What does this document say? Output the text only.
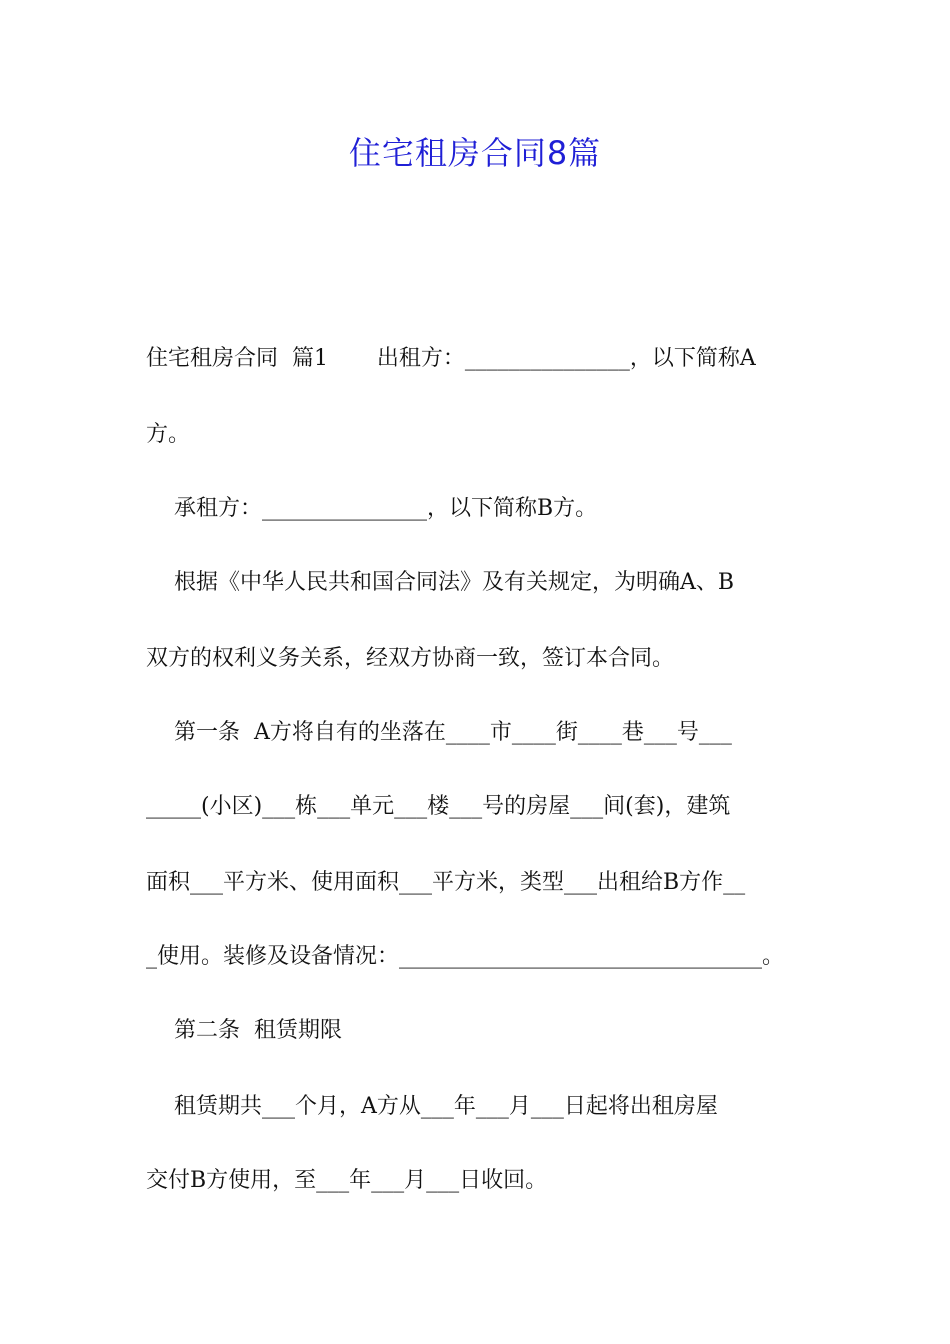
住宅租房合同8篇
住宅租房合同  篇1       出租方：_______________，以下简称A
方。
承租方：_______________，以下简称B方。
根据《中华人民共和国合同法》及有关规定，为明确A、B
双方的权利义务关系，经双方协商一致，签订本合同。
第一条  A方将自有的坐落在____市____街____巷___号___
_____(小区)___栋___单元___楼___号的房屋___间(套)，建筑
面积___平方米、使用面积___平方米，类型___出租给B方作__
_使用。装修及设备情况：_________________________________。
第二条  租赁期限
租赁期共___个月，A方从___年___月___日起将出租房屋
交付B方使用，至___年___月___日收回。
